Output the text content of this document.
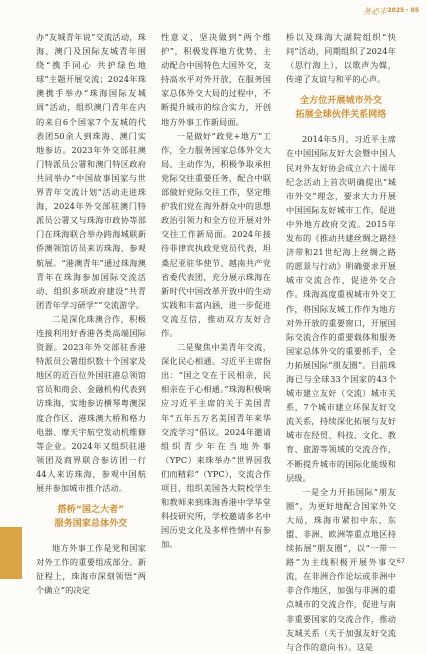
务必丰 2025 · 05

办“友城青年说”交流活动，珠海、澳门及国际友城青年围绕“携手同心 共护绿色地球”主题开展交流；2024年珠澳携手举办“珠海国际友城周”活动，组织澳门青年在内的来自6个国家7个友城的代表团50余人到珠海、澳门实地参访。2023年外交部驻澳门特派员公署和澳门特区政府共同举办“中国故事国家与世界青年交流计划”活动走进珠海，2024年外交部驻澳门特派员公署又与珠海市政协等部门在珠海联合举办跨海城联新侨澳领馆访员来访珠海、参观航展。“港澳青年”通过珠海澳青年在珠海参加国际交流活动、组织多项政府建设“共青团青年学习研学””交流游学。

二是深化珠澳合作，积极连接利用好香港各类高端国际资源。2023年外交部驻香港特派员公署组织数十个国家及地区的近百位外国驻港总领馆官员和商会、金融机构代表到访珠海，实地参访横琴粤澳深度合作区、港珠澳大桥和格力电器、摩天宇航空发动机维修等企业。2024年又组织驻港领团及商界联合参访团一行44人来访珠海，参观中国航展并参加城市推介活动。

搭桥“国之大者”

服务国家总体外交

地方外事工作是党和国家对外工作的重要组成部分。新征程上，珠海市深刻领悟“两个确立”的决定

性意义，坚决做到“两个维护”，积极发挥地方优势、主动配合中国特色大国外交，支持高水平对外开放，在服务国家总体外交大局的过程中，不断提升城市的综合实力，开创地方外事工作新局面。

一是做好“政党+地方”工作，全力服务国家总体外交大局。主动作为，积极争取承担党际交往重要任务，配合中联部做好党际交往工作，坚定维护我们党在海外群众中的思想政治引领力和全方位开展对外交往工作新局面。2024年接待菲律宾执政党党员代表，坦桑尼亚驻华使节、越南共产党省委代表团，充分展示珠海在新时代中国改革开放中的生动实践和丰富内涵，进一步促进交流互信，推动双方友好合作。

二是聚焦中美青年交流，深化民心相通。习近平主席指出：“国之交在于民相亲，民相亲在于心相通。”珠海积极响应习近平主席的关于美国青年“五年五万名美国青年来华交流学习”倡议。2024年邀请组织青少年在当地外事（YPC）来珠举办“世界因我们而精彩”（YPC），交流合作项目，组织美国各大院校学生和教师来到珠海香港中学华堂科技研究所，学校邀请多名中国历史文化及多样性情中有参加。

桥以及珠海大湖院组织“快问”活动，同期组织了2024年（思行海上），以歌声为媒，传递了友谊与和平的心声。

全方位开展城市外交

拓展全球伙伴关系网络

2014年5月，习近平主席在中国国际友好大会暨中国人民对外友好协会成立六十周年纪念活动上首次明确提出“城市外交”理念，要求大力开展中国国际友好城市工作，促进中外地方政府交流。2015年发布的《推动共建丝绸之路经济带和21世纪海上丝绸之路的愿景与行动》明确要求开展城市交流合作、促进外交合作。珠海高度重视城市外交工作，将国际友城工作作为地方对外开放的重要窗口，开展国际交流合作的重要载体和服务国家总体外交的重要抓手，全力拓展国际“朋友圈”。目前珠海已与全球33个国家的43个城市建立友好（交流）城市关系，7个城市建立环保友好交流关系，持续深化拓展与友好城市在经贸、科技、文化、教育、旅游等领域的交流合作，不断提升城市的国际化能级和层级。

一是全力开拓国际“朋友圈”，为更好地配合国家外交大局，珠海市紧扣中东、东盟、非洲、欧洲等重点地区持续拓展“朋友圈”，以“一带一路”为主线积极开展外事交流，在非洲合作论坛或非洲中非合作地区，加强与非洲的重点城市的交流合作，促进与南非重要国家的交流合作，推动友城关系（关于加强友好交流与合作的意向书）。这是

67
